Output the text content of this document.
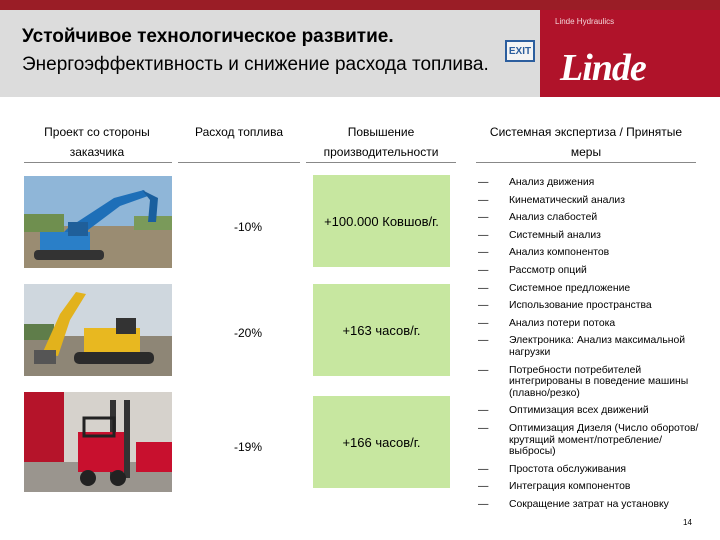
Устойчивое технологическое развитие.
Энергоэффективность и снижение расхода топлива.
EXIT
Linde Hydraulics
Linde
Проект со стороны заказчика
Расход топлива	Повышение производительности
Системная экспертиза / Принятые меры
-10%
-20%
-19%
+100.000 Ковшов/г.
+163 часов/г.
+166 часов/г.
— Анализ движения
— Кинематический анализ
— Анализ слабостей
— Системный анализ
— Анализ компонентов
— Рассмотр опций
— Системное предложение
— Использование пространства
— Анализ потери потока
— Электроника: Анализ максимальной нагрузки
— Потребности потребителей интегрированы в поведение машины (плавно/резко)
— Оптимизация всех движений
— Оптимизация Дизеля (Число оборотов/крутящий момент/потребление/выбросы)
— Простота обслуживания
— Интеграция компонентов
— Сокращение затрат на установку
14
